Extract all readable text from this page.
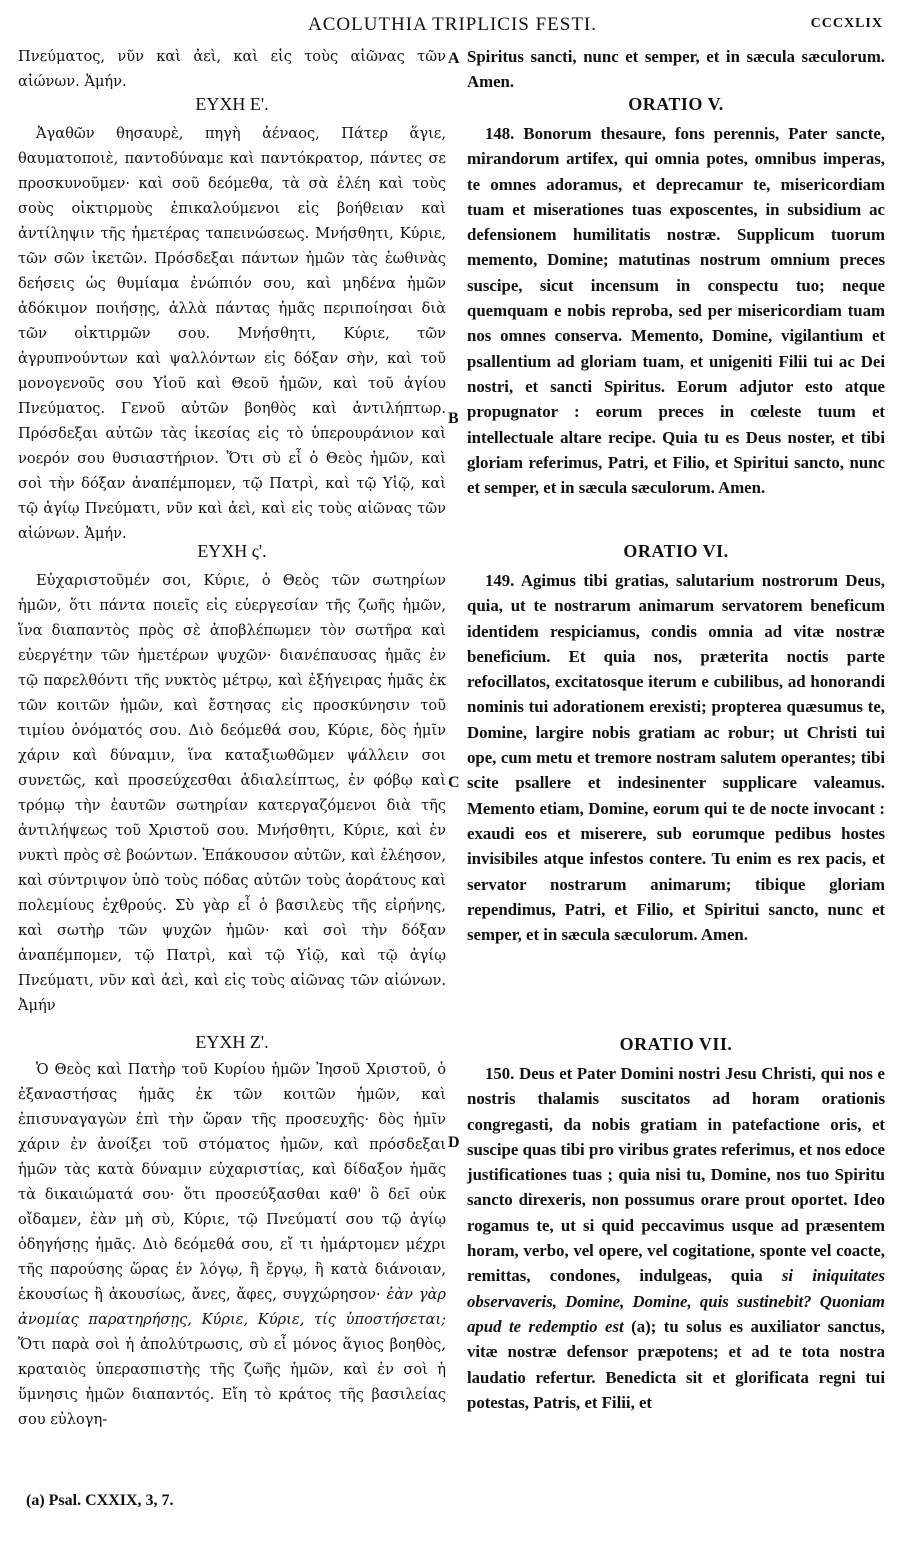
ACOLUTHIA TRIPLICIS FESTI.	CCCXLIX

Πνεύματος, νῦν καὶ ἀεὶ, καὶ εἰς τοὺς αἰῶνας τῶν αἰώνων. Ἀμήν.

ΕΥΧΗ Ε'.

Ἀγαθῶν θησαυρὲ, πηγὴ ἀέναος, Πάτερ ἅγιε, θαυματοποιὲ, παντοδύναμε καὶ παντόκρατορ, πάντες σε προσκυνοῦμεν· καὶ σοῦ δεόμεθα, τὰ σὰ ἐλέη καὶ τοὺς σοὺς οἰκτιρμοὺς ἐπικαλούμενοι εἰς βοήθειαν καὶ ἀντίληψιν τῆς ἡμετέρας ταπεινώσεως. Μνήσθητι, Κύριε, τῶν σῶν ἱκετῶν. Πρόσδεξαι πάντων ἡμῶν τὰς ἑωθινὰς δεήσεις ὡς θυμίαμα ἐνώπιόν σου, καὶ μηδένα ἡμῶν ἀδόκιμον ποιήσῃς, ἀλλὰ πάντας ἡμᾶς περιποίησαι διὰ τῶν οἰκτιρμῶν σου. Μνήσθητι, Κύριε, τῶν ἀγρυπνούντων καὶ ψαλλόντων εἰς δόξαν σὴν, καὶ τοῦ μονογενοῦς σου Υἱοῦ καὶ Θεοῦ ἡμῶν, καὶ τοῦ ἁγίου Πνεύματος. Γενοῦ αὐτῶν βοηθὸς καὶ ἀντιλήπτωρ. Πρόσδεξαι αὐτῶν τὰς ἱκεσίας εἰς τὸ ὑπερουράνιον καὶ νοερόν σου θυσιαστήριον. Ὅτι σὺ εἶ ὁ Θεὸς ἡμῶν, καὶ σοὶ τὴν δόξαν ἀναπέμπομεν, τῷ Πατρὶ, καὶ τῷ Υἱῷ, καὶ τῷ ἁγίῳ Πνεύματι, νῦν καὶ ἀεὶ, καὶ εἰς τοὺς αἰῶνας τῶν αἰώνων. Ἀμήν.

ΕΥΧΗ ς'.

Εὐχαριστοῦμέν σοι, Κύριε, ὁ Θεὸς τῶν σωτηρίων ἡμῶν, ὅτι πάντα ποιεῖς εἰς εὐεργεσίαν τῆς ζωῆς ἡμῶν, ἵνα διαπαντὸς πρὸς σὲ ἀποβλέπωμεν τὸν σωτῆρα καὶ εὐεργέτην τῶν ἡμετέρων ψυχῶν· διανέπαυσας ἡμᾶς ἐν τῷ παρελθόντι τῆς νυκτὸς μέτρῳ, καὶ ἐξήγειρας ἡμᾶς ἐκ τῶν κοιτῶν ἡμῶν, καὶ ἔστησας εἰς προσκύνησιν τοῦ τιμίου ὀνόματός σου. Διὸ δεόμεθά σου, Κύριε, δὸς ἡμῖν χάριν καὶ δύναμιν, ἵνα καταξιωθῶμεν ψάλλειν σοι συνετῶς, καὶ προσεύχεσθαι ἀδιαλείπτως, ἐν φόβῳ καὶ τρόμῳ τὴν ἑαυτῶν σωτηρίαν κατεργαζόμενοι διὰ τῆς ἀντιλήψεως τοῦ Χριστοῦ σου. Μνήσθητι, Κύριε, καὶ ἐν νυκτὶ πρὸς σὲ βοώντων. Ἐπάκουσον αὐτῶν, καὶ ἐλέησον, καὶ σύντριψον ὑπὸ τοὺς πόδας αὐτῶν τοὺς ἀοράτους καὶ πολεμίους ἐχθρούς. Σὺ γὰρ εἶ ὁ βασιλεὺς τῆς εἰρήνης, καὶ σωτὴρ τῶν ψυχῶν ἡμῶν· καὶ σοὶ τὴν δόξαν ἀναπέμπομεν, τῷ Πατρὶ, καὶ τῷ Υἱῷ, καὶ τῷ ἁγίῳ Πνεύματι, νῦν καὶ ἀεὶ, καὶ εἰς τοὺς αἰῶνας τῶν αἰώνων. Ἀμήν

ΕΥΧΗ Ζ'.

Ὁ Θεὸς καὶ Πατὴρ τοῦ Κυρίου ἡμῶν Ἰησοῦ Χριστοῦ, ὁ ἐξαναστήσας ἡμᾶς ἐκ τῶν κοιτῶν ἡμῶν, καὶ ἐπισυναγαγὼν ἐπὶ τὴν ὥραν τῆς προσευχῆς· δὸς ἡμῖν χάριν ἐν ἀνοίξει τοῦ στόματος ἡμῶν, καὶ πρόσδεξαι ἡμῶν τὰς κατὰ δύναμιν εὐχαριστίας, καὶ δίδαξον ἡμᾶς τὰ δικαιώματά σου· ὅτι προσεύξασθαι καθ' ὃ δεῖ οὐκ οἴδαμεν, ἐὰν μὴ σὺ, Κύριε, τῷ Πνεύματί σου τῷ ἁγίῳ ὁδηγήσῃς ἡμᾶς. Διὸ δεόμεθά σου, εἴ τι ἡμάρτομεν μέχρι τῆς παρούσης ὥρας ἐν λόγῳ, ἢ ἔργῳ, ἢ κατὰ διάνοιαν, ἑκουσίως ἢ ἀκουσίως, ἄνες, ἄφες, συγχώρησον· ἐὰν γὰρ ἀνομίας παρατηρήσῃς, Κύριε, Κύριε, τίς ὑποστήσεται; Ὅτι παρὰ σοὶ ἡ ἀπολύτρωσις, σὺ εἶ μόνος ἅγιος βοηθὸς, κραταιὸς ὑπερασπιστὴς τῆς ζωῆς ἡμῶν, καὶ ἐν σοὶ ἡ ὕμνησις ἡμῶν διαπαντός. Εἴη τὸ κράτος τῆς βασιλείας σου εὐλογη-

A
B
C
D

Spiritus sancti, nunc et semper, et in sæcula sæculorum. Amen.

ORATIO V.

148. Bonorum thesaure, fons perennis, Pater sancte, mirandorum artifex, qui omnia potes, omnibus imperas, te omnes adoramus, et deprecamur te, misericordiam tuam et miserationes tuas exposcentes, in subsidium ac defensionem humilitatis nostræ. Supplicum tuorum memento, Domine; matutinas nostrum omnium preces suscipe, sicut incensum in conspectu tuo; neque quemquam e nobis reproba, sed per misericordiam tuam nos omnes conserva. Memento, Domine, vigilantium et psallentium ad gloriam tuam, et unigeniti Filii tui ac Dei nostri, et sancti Spiritus. Eorum adjutor esto atque propugnator : eorum preces in cœleste tuum et intellectuale altare recipe. Quia tu es Deus noster, et tibi gloriam referimus, Patri, et Filio, et Spiritui sancto, nunc et semper, et in sæcula sæculorum. Amen.

ORATIO VI.

149. Agimus tibi gratias, salutarium nostrorum Deus, quia, ut te nostrarum animarum servatorem beneficum identidem respiciamus, condis omnia ad vitæ nostræ beneficium. Et quia nos, præterita noctis parte refocillatos, excitatosque iterum e cubilibus, ad honorandi nominis tui adorationem erexisti; propterea quæsumus te, Domine, largire nobis gratiam ac robur; ut Christi tui ope, cum metu et tremore nostram salutem operantes; tibi scite psallere et indesinenter supplicare valeamus. Memento etiam, Domine, eorum qui te de nocte invocant : exaudi eos et miserere, sub eorumque pedibus hostes invisibiles atque infestos contere. Tu enim es rex pacis, et servator nostrarum animarum; tibique gloriam rependimus, Patri, et Filio, et Spiritui sancto, nunc et semper, et in sæcula sæculorum. Amen.

ORATIO VII.

150. Deus et Pater Domini nostri Jesu Christi, qui nos e nostris thalamis suscitatos ad horam orationis congregasti, da nobis gratiam in patefactione oris, et suscipe quas tibi pro viribus grates referimus, et nos edoce justificationes tuas ; quia nisi tu, Domine, nos tuo Spiritu sancto direxeris, non possumus orare prout oportet. Ideo rogamus te, ut si quid peccavimus usque ad præsentem horam, verbo, vel opere, vel cogitatione, sponte vel coacte, remittas, condones, indulgeas, quia si iniquitates observaveris, Domine, Domine, quis sustinebit? Quoniam apud te redemptio est (a); tu solus es auxiliator sanctus, vitæ nostræ defensor præpotens; et ad te tota nostra laudatio refertur. Benedicta sit et glorificata regni tui potestas, Patris, et Filii, et

(a) Psal. CXXIX, 3, 7.
